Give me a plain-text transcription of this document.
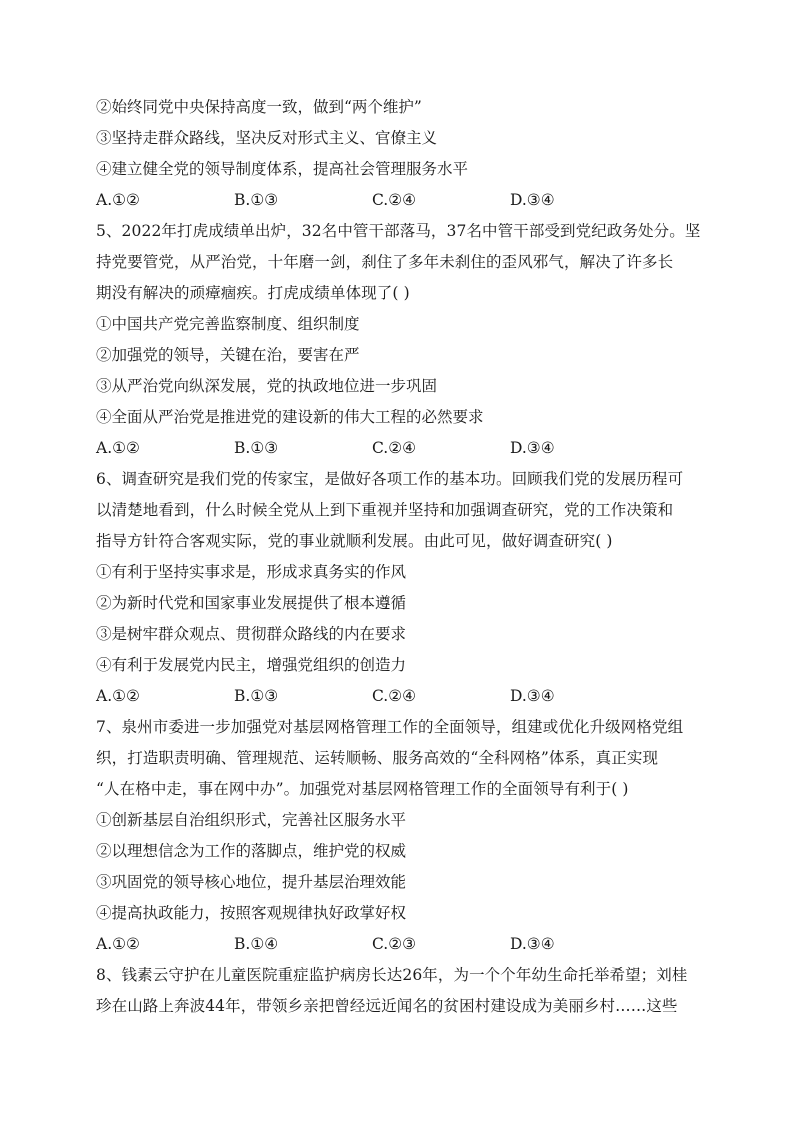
②始终同党中央保持高度一致，做到“两个维护”
③坚持走群众路线，坚决反对形式主义、官僚主义
④建立健全党的领导制度体系，提高社会管理服务水平
A.①②	B.①③	C.②④	D.③④
5、2022年打虎成绩单出炉，32名中管干部落马，37名中管干部受到党纪政务处分。坚
持党要管党，从严治党，十年磨一剑，刹住了多年未刹住的歪风邪气，解决了许多长
期没有解决的顽瘴痼疾。打虎成绩单体现了( )
①中国共产党完善监察制度、组织制度
②加强党的领导，关键在治，要害在严
③从严治党向纵深发展，党的执政地位进一步巩固
④全面从严治党是推进党的建设新的伟大工程的必然要求
A.①②	B.①③	C.②④	D.③④
6、调查研究是我们党的传家宝，是做好各项工作的基本功。回顾我们党的发展历程可
以清楚地看到，什么时候全党从上到下重视并坚持和加强调查研究，党的工作决策和
指导方针符合客观实际，党的事业就顺利发展。由此可见，做好调查研究( )
①有利于坚持实事求是，形成求真务实的作风
②为新时代党和国家事业发展提供了根本遵循
③是树牢群众观点、贯彻群众路线的内在要求
④有利于发展党内民主，增强党组织的创造力
A.①②	B.①③	C.②④	D.③④
7、泉州市委进一步加强党对基层网格管理工作的全面领导，组建或优化升级网格党组
织，打造职责明确、管理规范、运转顺畅、服务高效的“全科网格”体系，真正实现
“人在格中走，事在网中办”。加强党对基层网格管理工作的全面领导有利于( )
①创新基层自治组织形式，完善社区服务水平
②以理想信念为工作的落脚点，维护党的权威
③巩固党的领导核心地位，提升基层治理效能
④提高执政能力，按照客观规律执好政掌好权
A.①②	B.①④	C.②③	D.③④
8、钱素云守护在儿童医院重症监护病房长达26年，为一个个年幼生命托举希望；刘桂
珍在山路上奔波44年，带领乡亲把曾经远近闻名的贫困村建设成为美丽乡村……这些
